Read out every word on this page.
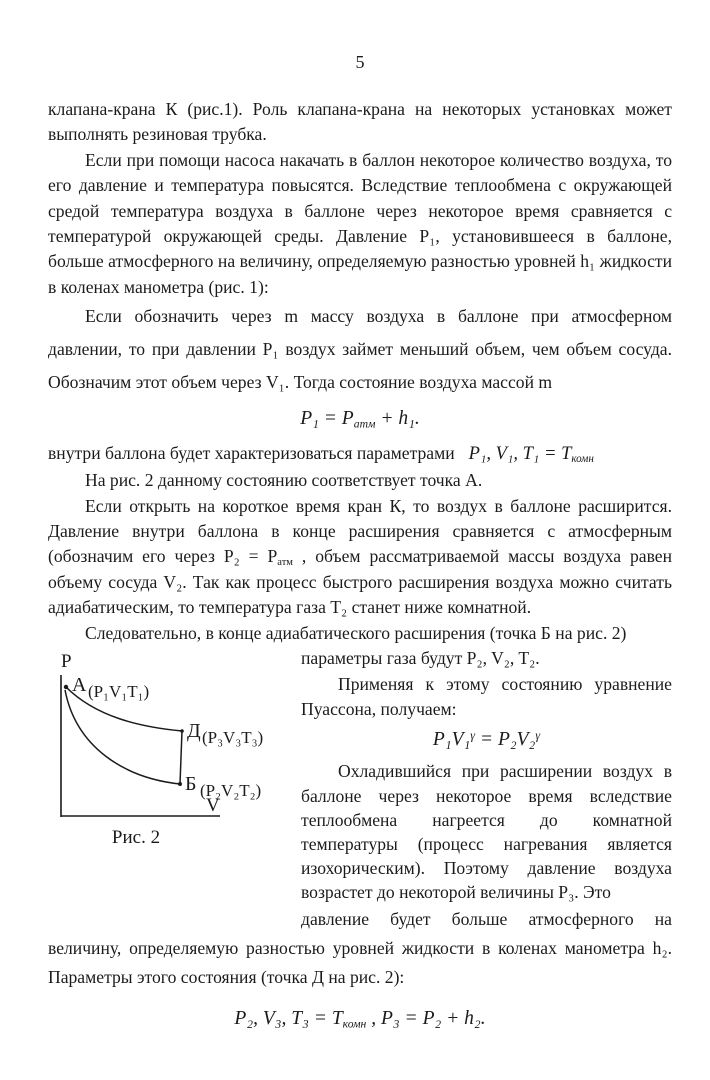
5

клапана-крана К (рис.1). Роль клапана-крана на некоторых установках может выполнять резиновая трубка.

Если при помощи насоса накачать в баллон некоторое количество воздуха, то его давление и температура повысятся. Вследствие теплообмена с окружающей средой температура воздуха в баллоне через некоторое время сравняется с температурой окружающей среды. Давление P₁, установившееся в баллоне, больше атмосферного на величину, определяемую разностью уровней h₁ жидкости в коленах манометра (рис. 1):

Если обозначить через m массу воздуха в баллоне при атмосферном давлении, то при давлении P₁ воздух займет меньший объем, чем объем сосуда. Обозначим этот объем через V₁. Тогда состояние воздуха массой m

$P_1 = P_{атм} + h_1$.

внутри баллона будет характеризоваться параметрами P₁, V₁, $T_1 = T_{комн}$

На рис. 2 данному состоянию соответствует точка А.

Если открыть на короткое время кран К, то воздух в баллоне расширится. Давление внутри баллона в конце расширения сравняется с атмосферным (обозначим его через $P_2 = P_{атм}$ , объем рассматриваемой массы воздуха равен объему сосуда V₂. Так как процесс быстрого расширения воздуха можно считать адиабатическим, то температура газа T₂ станет ниже комнатной.

Следовательно, в конце адиабатического расширения (точка Б на рис. 2)

P
V
A (P₁V₁T₁)
Д (P₃V₃T₃)
Б (P₂V₂T₂)
Рис. 2

параметры газа будут P₂, V₂, T₂.

Применяя к этому состоянию уравнение Пуассона, получаем:

P₁V₁$^\gamma$ = P₂V₂$^\gamma$

Охладившийся при расширении воздух в баллоне через некоторое время вследствие теплообмена нагреется до комнатной температуры (процесс нагревания является изохорическим). Поэтому давление воздуха возрастет до некоторой величины P₃. Это

давление будет больше атмосферного на величину, определяемую разностью уровней жидкости в коленах манометра h₂. Параметры этого состояния (точка Д на рис. 2):

P₂, V₃, $T_3 = T_{комн}$ , P₃ = P₂ + h₂.
